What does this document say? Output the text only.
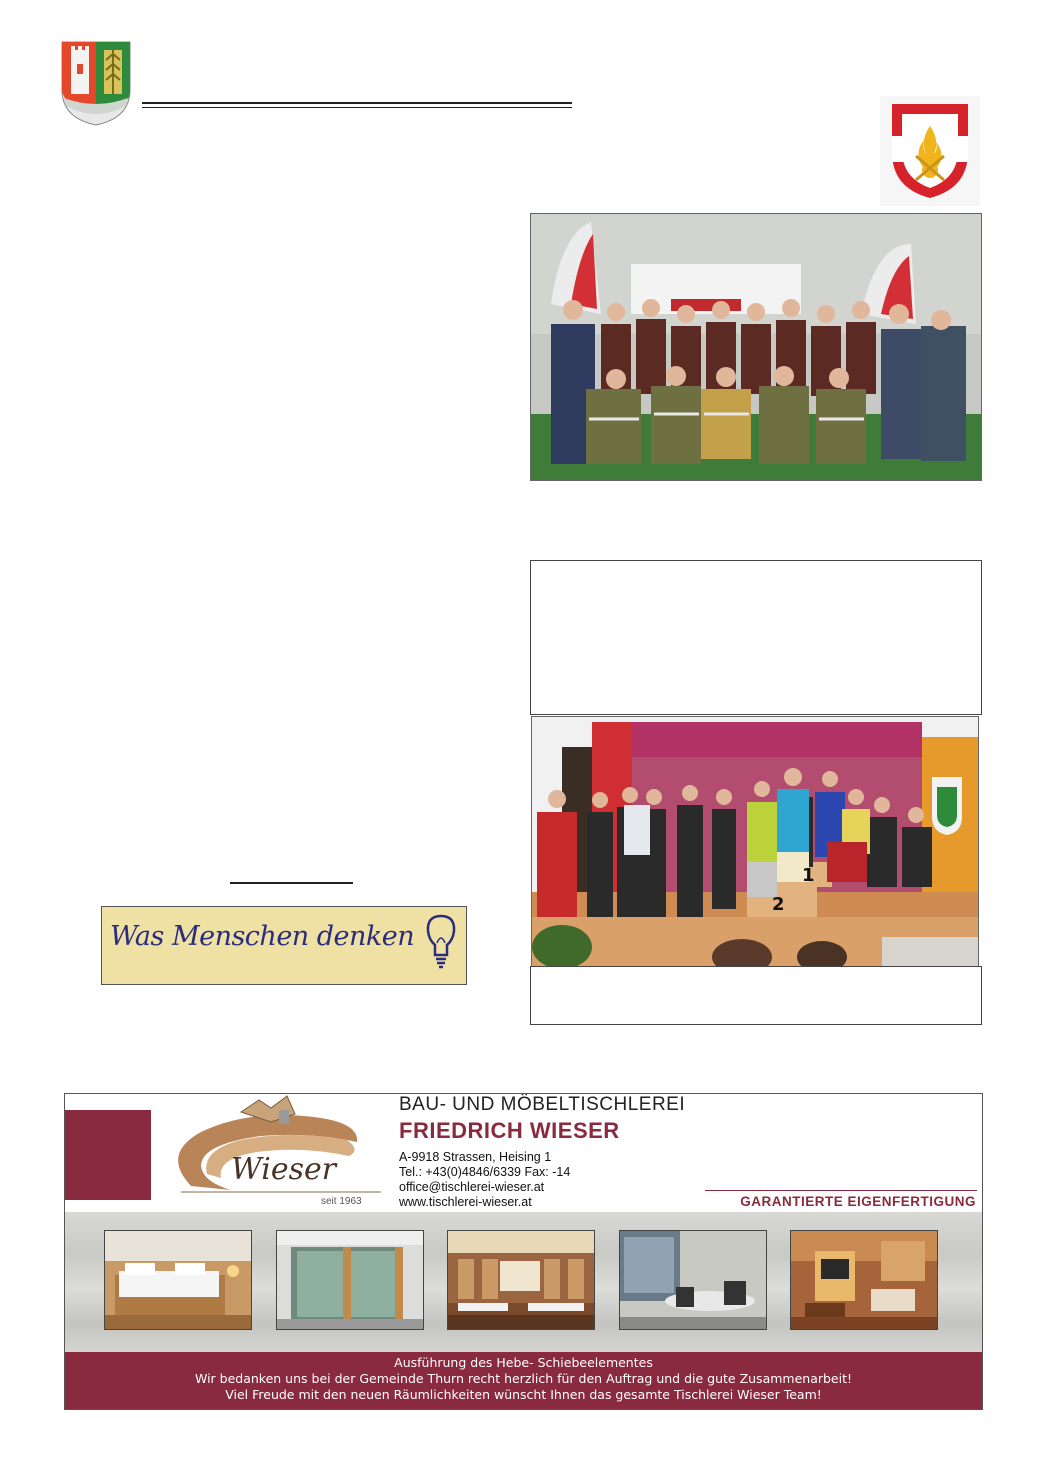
1
2
Was Menschen denken
Wieser
seit 1963
BAU- UND MÖBELTISCHLEREI
FRIEDRICH WIESER
A-9918 Strassen, Heising 1
Tel.: +43(0)4846/6339 Fax: -14
office@tischlerei-wieser.at
www.tischlerei-wieser.at	GARANTIERTE EIGENFERTIGUNG
Ausführung des Hebe- Schiebeelementes
Wir bedanken uns bei der Gemeinde Thurn recht herzlich für den Auftrag und die gute Zusammenarbeit!
Viel Freude mit den neuen Räumlichkeiten wünscht Ihnen das gesamte Tischlerei Wieser Team!
